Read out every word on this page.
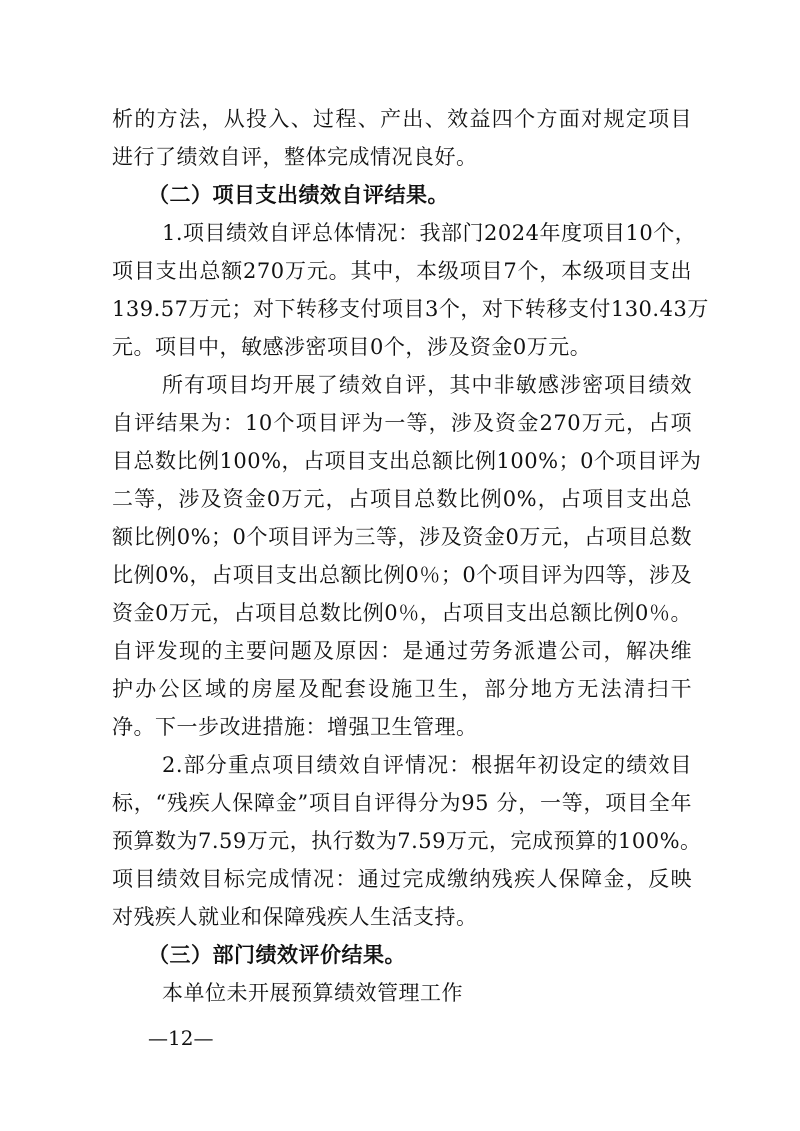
析的方法，从投入、过程、产出、效益四个方面对规定项目
进行了绩效自评，整体完成情况良好。
（二）项目支出绩效自评结果。
1.项目绩效自评总体情况：我部门2024年度项目10个，
项目支出总额270万元。其中，本级项目7个，本级项目支出
139.57万元；对下转移支付项目3个，对下转移支付130.43万
元。项目中，敏感涉密项目0个，涉及资金0万元。
所有项目均开展了绩效自评，其中非敏感涉密项目绩效
自评结果为：10个项目评为一等，涉及资金270万元，占项
目总数比例100%，占项目支出总额比例100%；0个项目评为
二等，涉及资金0万元，占项目总数比例0%，占项目支出总
额比例0%；0个项目评为三等，涉及资金0万元，占项目总数
比例0%，占项目支出总额比例0％；0个项目评为四等，涉及
资金0万元，占项目总数比例0％，占项目支出总额比例0％。
自评发现的主要问题及原因：是通过劳务派遣公司，解决维
护办公区域的房屋及配套设施卫生，部分地方无法清扫干
净。下一步改进措施：增强卫生管理。
2.部分重点项目绩效自评情况：根据年初设定的绩效目
标，“残疾人保障金”项目自评得分为95 分，一等，项目全年
预算数为7.59万元，执行数为7.59万元，完成预算的100%。
项目绩效目标完成情况：通过完成缴纳残疾人保障金，反映
对残疾人就业和保障残疾人生活支持。
（三）部门绩效评价结果。
本单位未开展预算绩效管理工作
—12—
